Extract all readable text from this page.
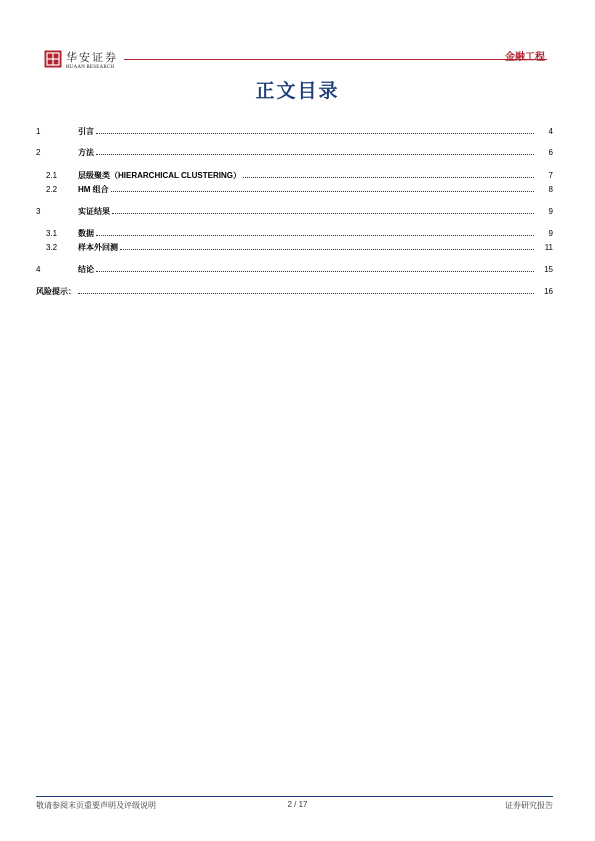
华安证券
HUAAN RESEARCH
金融工程
正文目录
1	引言	4
2	方法	6
2.1	层级聚类（HIERARCHICAL CLUSTERING）	7
2.2	HM 组合	8
3	实证结果	9
3.1	数据	9
3.2	样本外回测	11
4	结论	15
风险提示：	16
敬请参阅末页重要声明及评级说明	2 / 17	证券研究报告
